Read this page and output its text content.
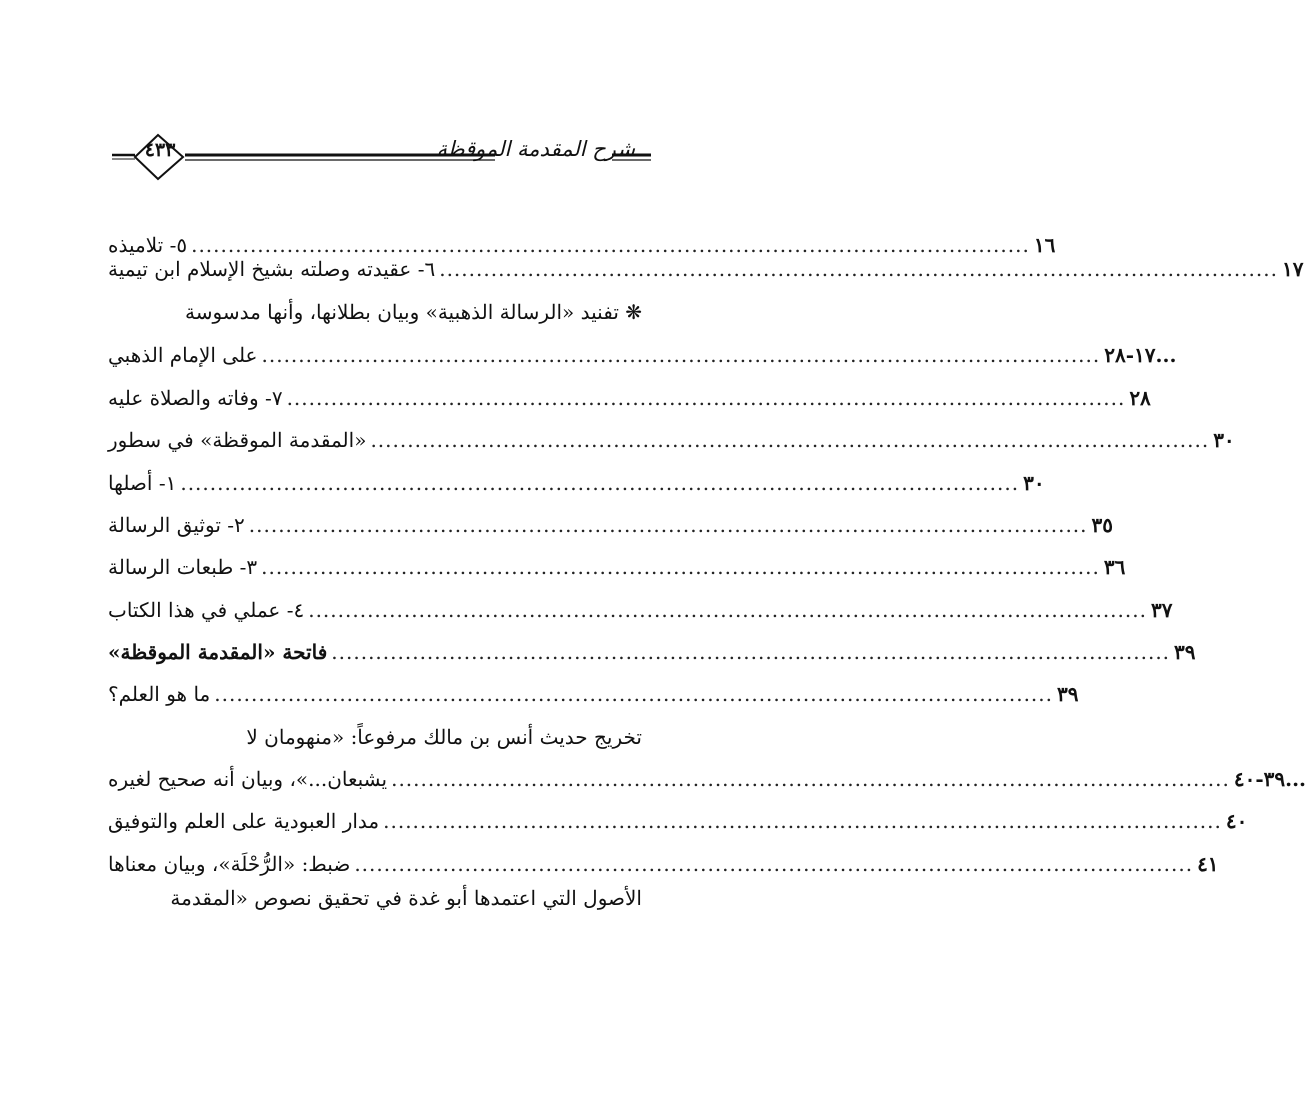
٤٣٣	شرح المقدمة الموقظة
٥- تلاميذه .................................................................................................................. ١٦
٦- عقيدته وصلته بشيخ الإسلام ابن تيمية .................................................................................................................. ١٧
❋ تفنيد «الرسالة الذهبية» وبيان بطلانها، وأنها مدسوسة
على الإمام الذهبي .................................................................................................................. ...١٧-٢٨
٧- وفاته والصلاة عليه .................................................................................................................. ٢٨
«المقدمة الموقظة» في سطور .................................................................................................................. ٣٠
١- أصلها .................................................................................................................. ٣٠
٢- توثيق الرسالة .................................................................................................................. ٣٥
٣- طبعات الرسالة .................................................................................................................. ٣٦
٤- عملي في هذا الكتاب .................................................................................................................. ٣٧
فاتحة «المقدمة الموقظة» .................................................................................................................. ٣٩
ما هو العلم؟ .................................................................................................................. ٣٩
تخريج حديث أنس بن مالك مرفوعاً: «منهومان لا
يشبعان...»، وبيان أنه صحيح لغيره .................................................................................................................. ...٣٩-٤٠
مدار العبودية على العلم والتوفيق .................................................................................................................. ٤٠
ضبط: «الرُّحْلَة»، وبيان معناها .................................................................................................................. ٤١
الأصول التي اعتمدها أبو غدة في تحقيق نصوص «المقدمة
